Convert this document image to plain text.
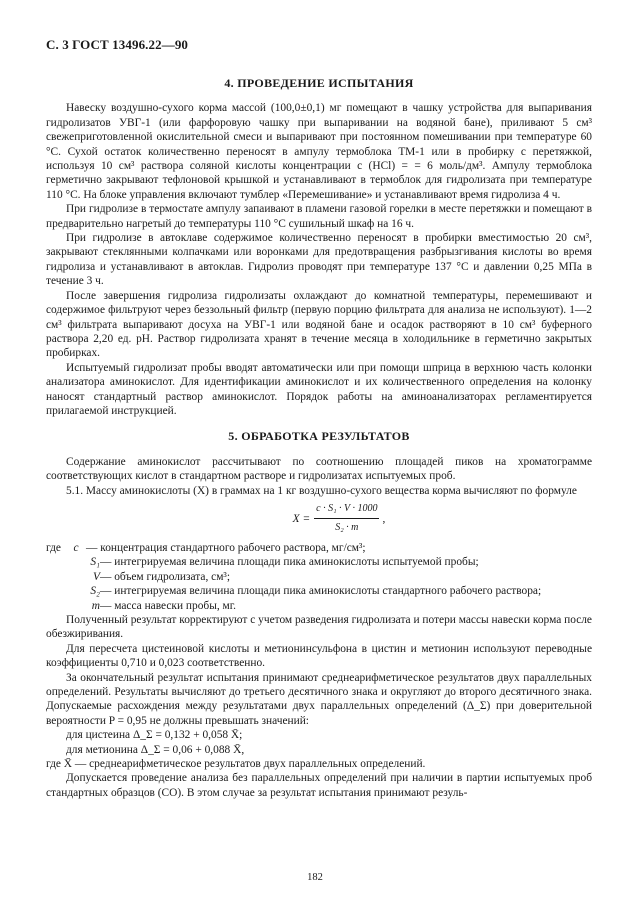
С. 3 ГОСТ 13496.22—90
4. ПРОВЕДЕНИЕ ИСПЫТАНИЯ

Навеску воздушно-сухого корма массой (100,0±0,1) мг помещают в чашку устройства для выпаривания гидролизатов УВГ-1 (или фарфоровую чашку при выпаривании на водяной бане), приливают 5 см³ свежеприготовленной окислительной смеси и выпаривают при постоянном помешивании при температуре 60 °С. Сухой остаток количественно переносят в ампулу термоблока ТМ-1 или в пробирку с перетяжкой, используя 10 см³ раствора соляной кислоты концентрации c (HCl) = = 6 моль/дм³. Ампулу термоблока герметично закрывают тефлоновой крышкой и устанавливают в термоблок для гидролизата при температуре 110 °С. На блоке управления включают тумблер «Перемешивание» и устанавливают время гидролиза 4 ч.

При гидролизе в термостате ампулу запаивают в пламени газовой горелки в месте перетяжки и помещают в предварительно нагретый до температуры 110 °С сушильный шкаф на 16 ч.

При гидролизе в автоклаве содержимое количественно переносят в пробирки вместимостью 20 см³, закрывают стеклянными колпачками или воронками для предотвращения разбрызгивания кислоты во время гидролиза и устанавливают в автоклав. Гидролиз проводят при температуре 137 °С и давлении 0,25 МПа в течение 3 ч.

После завершения гидролиза гидролизаты охлаждают до комнатной температуры, перемешивают и содержимое фильтруют через беззольный фильтр (первую порцию фильтрата для анализа не используют). 1—2 см³ фильтрата выпаривают досуха на УВГ-1 или водяной бане и осадок растворяют в 10 см³ буферного раствора 2,20 ед. рН. Раствор гидролизата хранят в течение месяца в холодильнике в герметично закрытых пробирках.

Испытуемый гидролизат пробы вводят автоматически или при помощи шприца в верхнюю часть колонки анализатора аминокислот. Для идентификации аминокислот и их количественного определения на колонку наносят стандартный раствор аминокислот. Порядок работы на аминоанализаторах регламентируется прилагаемой инструкцией.

5. ОБРАБОТКА РЕЗУЛЬТАТОВ

Содержание аминокислот рассчитывают по соотношению площадей пиков на хроматограмме соответствующих кислот в стандартном растворе и гидролизатах испытуемых проб.

5.1. Массу аминокислоты (X) в граммах на 1 кг воздушно-сухого вещества корма вычисляют по формуле

$X = \frac{\text{c · S₁ · V · 1000}}{\text{S₂ · m}}$ ,
где	c — концентрация стандартного рабочего раствора, мг/см³;
S₁ — интегрируемая величина площади пика аминокислоты испытуемой пробы;
V — объем гидролизата, см³;
S₂ — интегрируемая величина площади пика аминокислоты стандартного рабочего раствора;
m — масса навески пробы, мг.

Полученный результат корректируют с учетом разведения гидролизата и потери массы навески корма после обезжиривания.

Для пересчета цистеиновой кислоты и метионинсульфона в цистин и метионин используют переводные коэффициенты 0,710 и 0,023 соответственно.

За окончательный результат испытания принимают среднеарифметическое результатов двух параллельных определений. Результаты вычисляют до третьего десятичного знака и округляют до второго десятичного знака. Допускаемые расхождения между результатами двух параллельных определений (Δ_Σ) при доверительной вероятности P = 0,95 не должны превышать значений:

для цистеина Δ_Σ = 0,132 + 0,058 X̄;

для метионина Δ_Σ = 0,06 + 0,088 X̄,

где X̄ — среднеарифметическое результатов двух параллельных определений.

Допускается проведение анализа без параллельных определений при наличии в партии испытуемых проб стандартных образцов (СО). В этом случае за результат испытания принимают резуль-

182
